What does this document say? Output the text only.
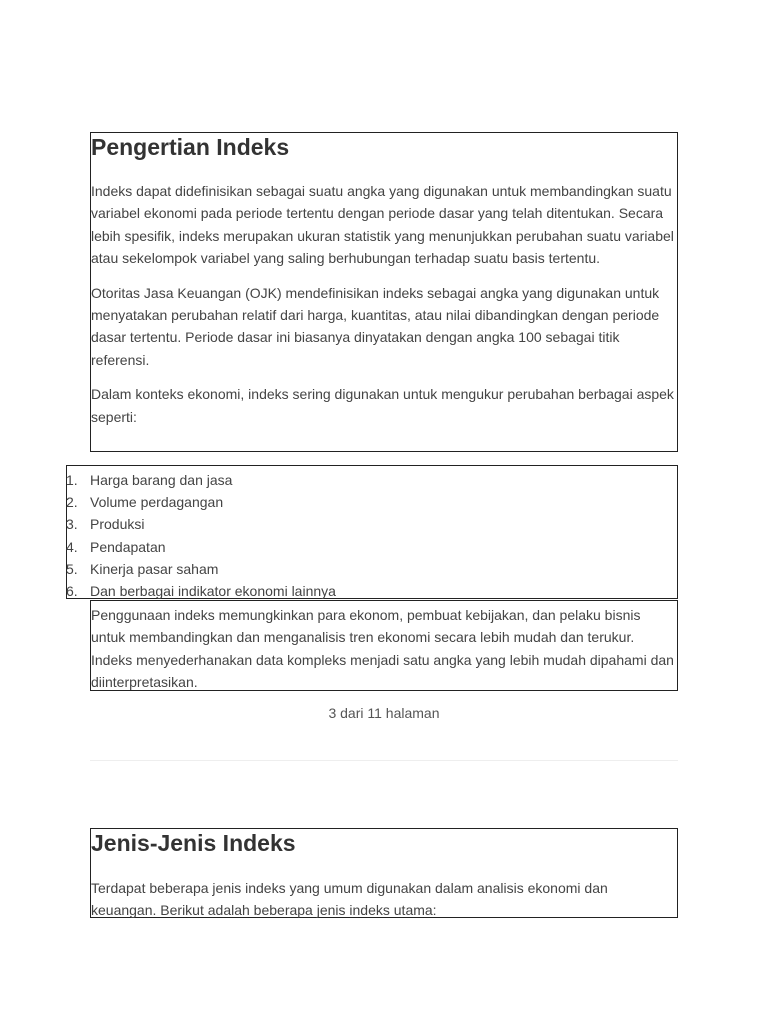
Pengertian Indeks

Indeks dapat didefinisikan sebagai suatu angka yang digunakan untuk membandingkan suatu variabel ekonomi pada periode tertentu dengan periode dasar yang telah ditentukan. Secara lebih spesifik, indeks merupakan ukuran statistik yang menunjukkan perubahan suatu variabel atau sekelompok variabel yang saling berhubungan terhadap suatu basis tertentu.

Otoritas Jasa Keuangan (OJK) mendefinisikan indeks sebagai angka yang digunakan untuk menyatakan perubahan relatif dari harga, kuantitas, atau nilai dibandingkan dengan periode dasar tertentu. Periode dasar ini biasanya dinyatakan dengan angka 100 sebagai titik referensi.

Dalam konteks ekonomi, indeks sering digunakan untuk mengukur perubahan berbagai aspek seperti:

1. Harga barang dan jasa
2. Volume perdagangan
3. Produksi
4. Pendapatan
5. Kinerja pasar saham
6. Dan berbagai indikator ekonomi lainnya

Penggunaan indeks memungkinkan para ekonom, pembuat kebijakan, dan pelaku bisnis untuk membandingkan dan menganalisis tren ekonomi secara lebih mudah dan terukur. Indeks menyederhanakan data kompleks menjadi satu angka yang lebih mudah dipahami dan diinterpretasikan.

3 dari 11 halaman
Jenis-Jenis Indeks

Terdapat beberapa jenis indeks yang umum digunakan dalam analisis ekonomi dan keuangan. Berikut adalah beberapa jenis indeks utama:
